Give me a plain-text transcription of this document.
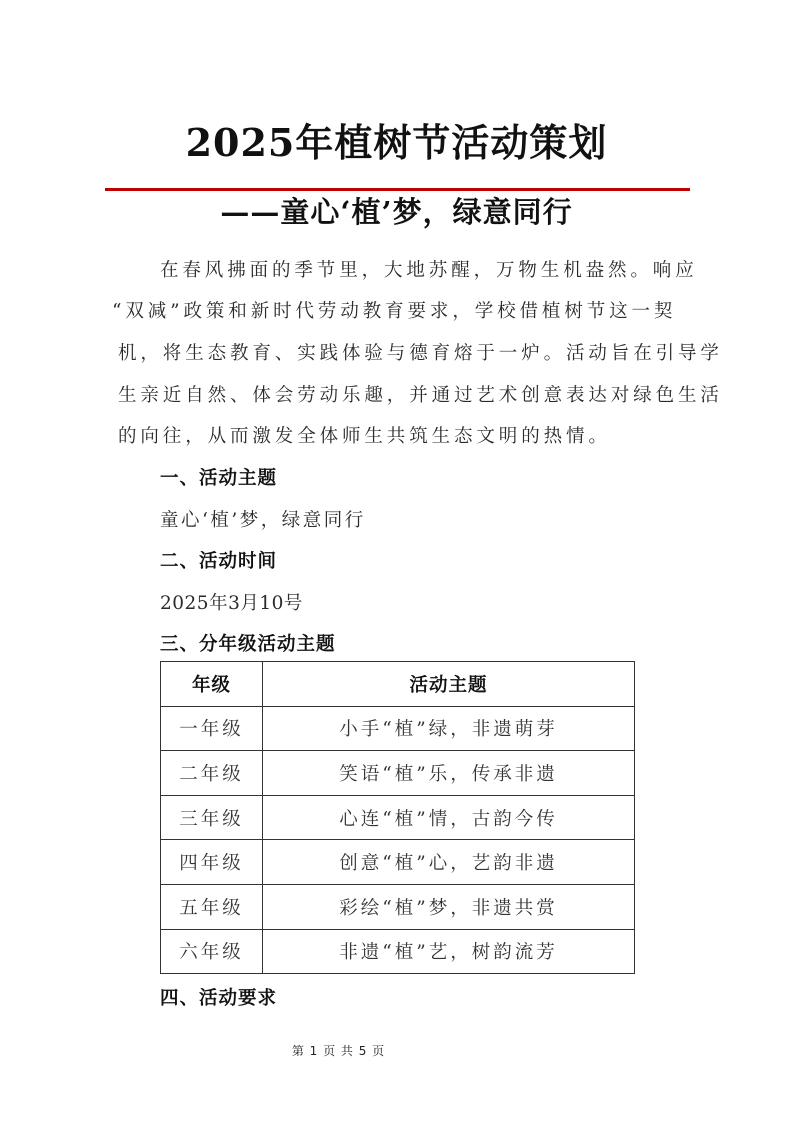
2025年植树节活动策划
——童心‘植’梦，绿意同行
在春风拂面的季节里，大地苏醒，万物生机盎然。响应
“双减”政策和新时代劳动教育要求，学校借植树节这一契
机，将生态教育、实践体验与德育熔于一炉。活动旨在引导学
生亲近自然、体会劳动乐趣，并通过艺术创意表达对绿色生活
的向往，从而激发全体师生共筑生态文明的热情。
一、活动主题
童心‘植’梦，绿意同行
二、活动时间
2025年3月10号
三、分年级活动主题
年级	活动主题
一年级	小手“植”绿，非遗萌芽
二年级	笑语“植”乐，传承非遗
三年级	心连“植”情，古韵今传
四年级	创意“植”心，艺韵非遗
五年级	彩绘“植”梦，非遗共赏
六年级	非遗“植”艺，树韵流芳
四、活动要求
第 1 页 共 5 页
